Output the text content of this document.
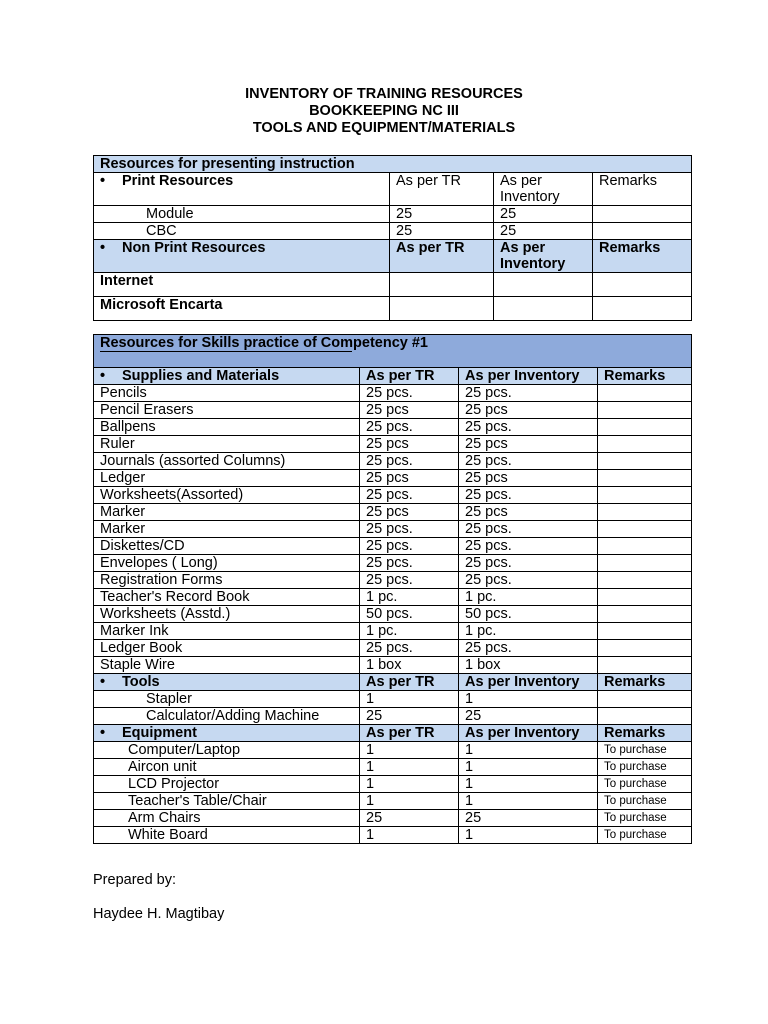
INVENTORY OF TRAINING RESOURCES
BOOKKEEPING NC III
TOOLS AND EQUIPMENT/MATERIALS
Resources for presenting instruction			
• Print Resources	As per TR	As per Inventory	Remarks
Module	25	25	
CBC	25	25	
• Non Print Resources	As per TR	As per Inventory	Remarks
Internet			
Microsoft Encarta			
Resources for Skills practice of Competency #1			
• Supplies and Materials	As per TR	As per Inventory	Remarks
Pencils	25 pcs.	25 pcs.	
Pencil Erasers	25 pcs	25 pcs	
Ballpens	25 pcs.	25 pcs.	
Ruler	25 pcs	25 pcs	
Journals (assorted Columns)	25 pcs.	25 pcs.	
Ledger	25 pcs	25 pcs	
Worksheets(Assorted)	25 pcs.	25 pcs.	
Marker	25 pcs	25 pcs	
Marker	25 pcs.	25 pcs.	
Diskettes/CD	25 pcs.	25 pcs.	
Envelopes ( Long)	25 pcs.	25 pcs.	
Registration Forms	25 pcs.	25 pcs.	
Teacher's Record Book	1 pc.	1 pc.	
Worksheets (Asstd.)	50 pcs.	50 pcs.	
Marker Ink	1 pc.	1 pc.	
Ledger Book	25 pcs.	25 pcs.	
Staple Wire	1 box	1 box	
• Tools	As per TR	As per Inventory	Remarks
Stapler	1	1	
Calculator/Adding Machine	25	25	
• Equipment	As per TR	As per Inventory	Remarks
Computer/Laptop	1	1	To purchase
Aircon unit	1	1	To purchase
LCD Projector	1	1	To purchase
Teacher's Table/Chair	1	1	To purchase
Arm Chairs	25	25	To purchase
White Board	1	1	To purchase
Prepared by:
Haydee H. Magtibay
